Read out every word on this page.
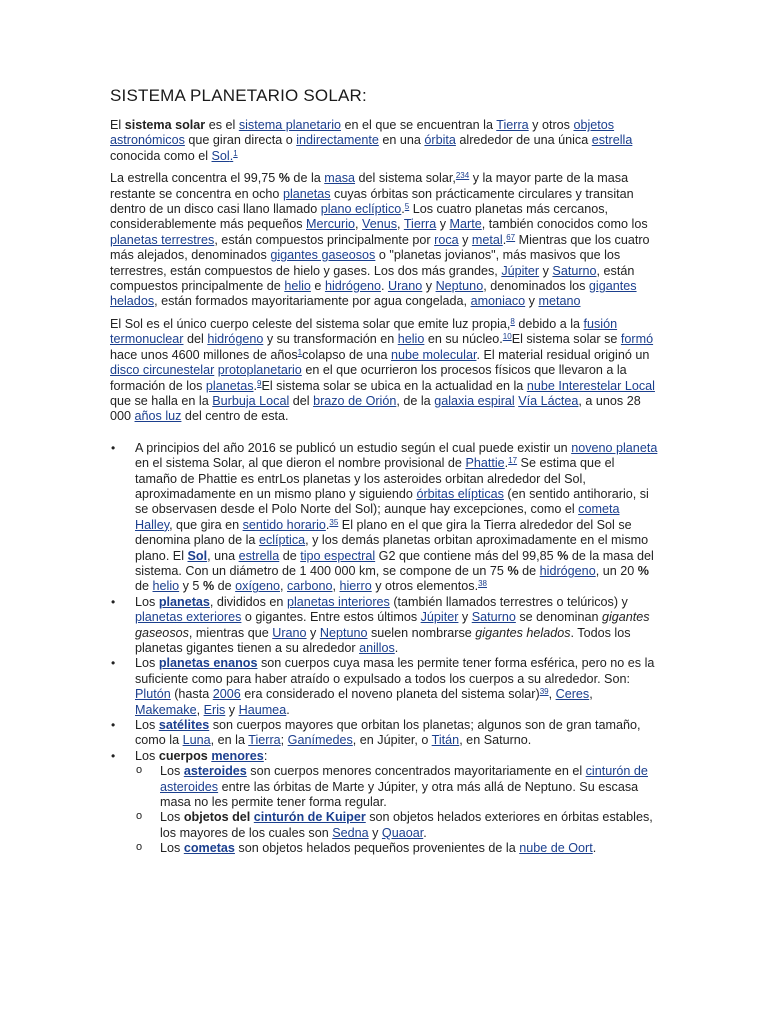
SISTEMA PLANETARIO SOLAR:

El sistema solar es el sistema planetario en el que se encuentran la Tierra y otros objetos astronómicos que giran directa o indirectamente en una órbita alrededor de una única estrella conocida como el Sol.$^1$

La estrella concentra el 99,75 % de la masa del sistema solar,$^{234}$ y la mayor parte de la masa restante se concentra en ocho planetas cuyas órbitas son prácticamente circulares y transitan dentro de un disco casi llano llamado plano eclíptico.$^5$ Los cuatro planetas más cercanos, considerablemente más pequeños Mercurio, Venus, Tierra y Marte, también conocidos como los planetas terrestres, están compuestos principalmente por roca y metal.$^{67}$ Mientras que los cuatro más alejados, denominados gigantes gaseosos o "planetas jovianos", más masivos que los terrestres, están compuestos de hielo y gases. Los dos más grandes, Júpiter y Saturno, están compuestos principalmente de helio e hidrógeno. Urano y Neptuno, denominados los gigantes helados, están formados mayoritariamente por agua congelada, amoniaco y metano

El Sol es el único cuerpo celeste del sistema solar que emite luz propia,$^8$ debido a la fusión termonuclear del hidrógeno y su transformación en helio en su núcleo.$^{10}$El sistema solar se formó hace unos 4600 millones de años$^1$colapso de una nube molecular. El material residual originó un disco circunestelar protoplanetario en el que ocurrieron los procesos físicos que llevaron a la formación de los planetas.$^9$El sistema solar se ubica en la actualidad en la nube Interestelar Local que se halla en la Burbuja Local del brazo de Orión, de la galaxia espiral Vía Láctea, a unos 28 000 años luz del centro de esta.

• A principios del año 2016 se publicó un estudio según el cual puede existir un noveno planeta en el sistema Solar, al que dieron el nombre provisional de Phattie.$^{17}$ Se estima que el tamaño de Phattie es entrLos planetas y los asteroides orbitan alrededor del Sol, aproximadamente en un mismo plano y siguiendo órbitas elípticas (en sentido antihorario, si se observasen desde el Polo Norte del Sol); aunque hay excepciones, como el cometa Halley, que gira en sentido horario.$^{35}$ El plano en el que gira la Tierra alrededor del Sol se denomina plano de la eclíptica, y los demás planetas orbitan aproximadamente en el mismo plano. El Sol, una estrella de tipo espectral G2 que contiene más del 99,85 % de la masa del sistema. Con un diámetro de 1 400 000 km, se compone de un 75 % de hidrógeno, un 20 % de helio y 5 % de oxígeno, carbono, hierro y otros elementos.$^{38}$
• Los planetas, divididos en planetas interiores (también llamados terrestres o telúricos) y planetas exteriores o gigantes. Entre estos últimos Júpiter y Saturno se denominan gigantes gaseosos, mientras que Urano y Neptuno suelen nombrarse gigantes helados. Todos los planetas gigantes tienen a su alrededor anillos.
• Los planetas enanos son cuerpos cuya masa les permite tener forma esférica, pero no es la suficiente como para haber atraído o expulsado a todos los cuerpos a su alrededor. Son: Plutón (hasta 2006 era considerado el noveno planeta del sistema solar)$^{39}$, Ceres, Makemake, Eris y Haumea.
• Los satélites son cuerpos mayores que orbitan los planetas; algunos son de gran tamaño, como la Luna, en la Tierra; Ganímedes, en Júpiter, o Titán, en Saturno.
• Los cuerpos menores:
o Los asteroides son cuerpos menores concentrados mayoritariamente en el cinturón de asteroides entre las órbitas de Marte y Júpiter, y otra más allá de Neptuno. Su escasa masa no les permite tener forma regular.
o Los objetos del cinturón de Kuiper son objetos helados exteriores en órbitas estables, los mayores de los cuales son Sedna y Quaoar.
o Los cometas son objetos helados pequeños provenientes de la nube de Oort.
